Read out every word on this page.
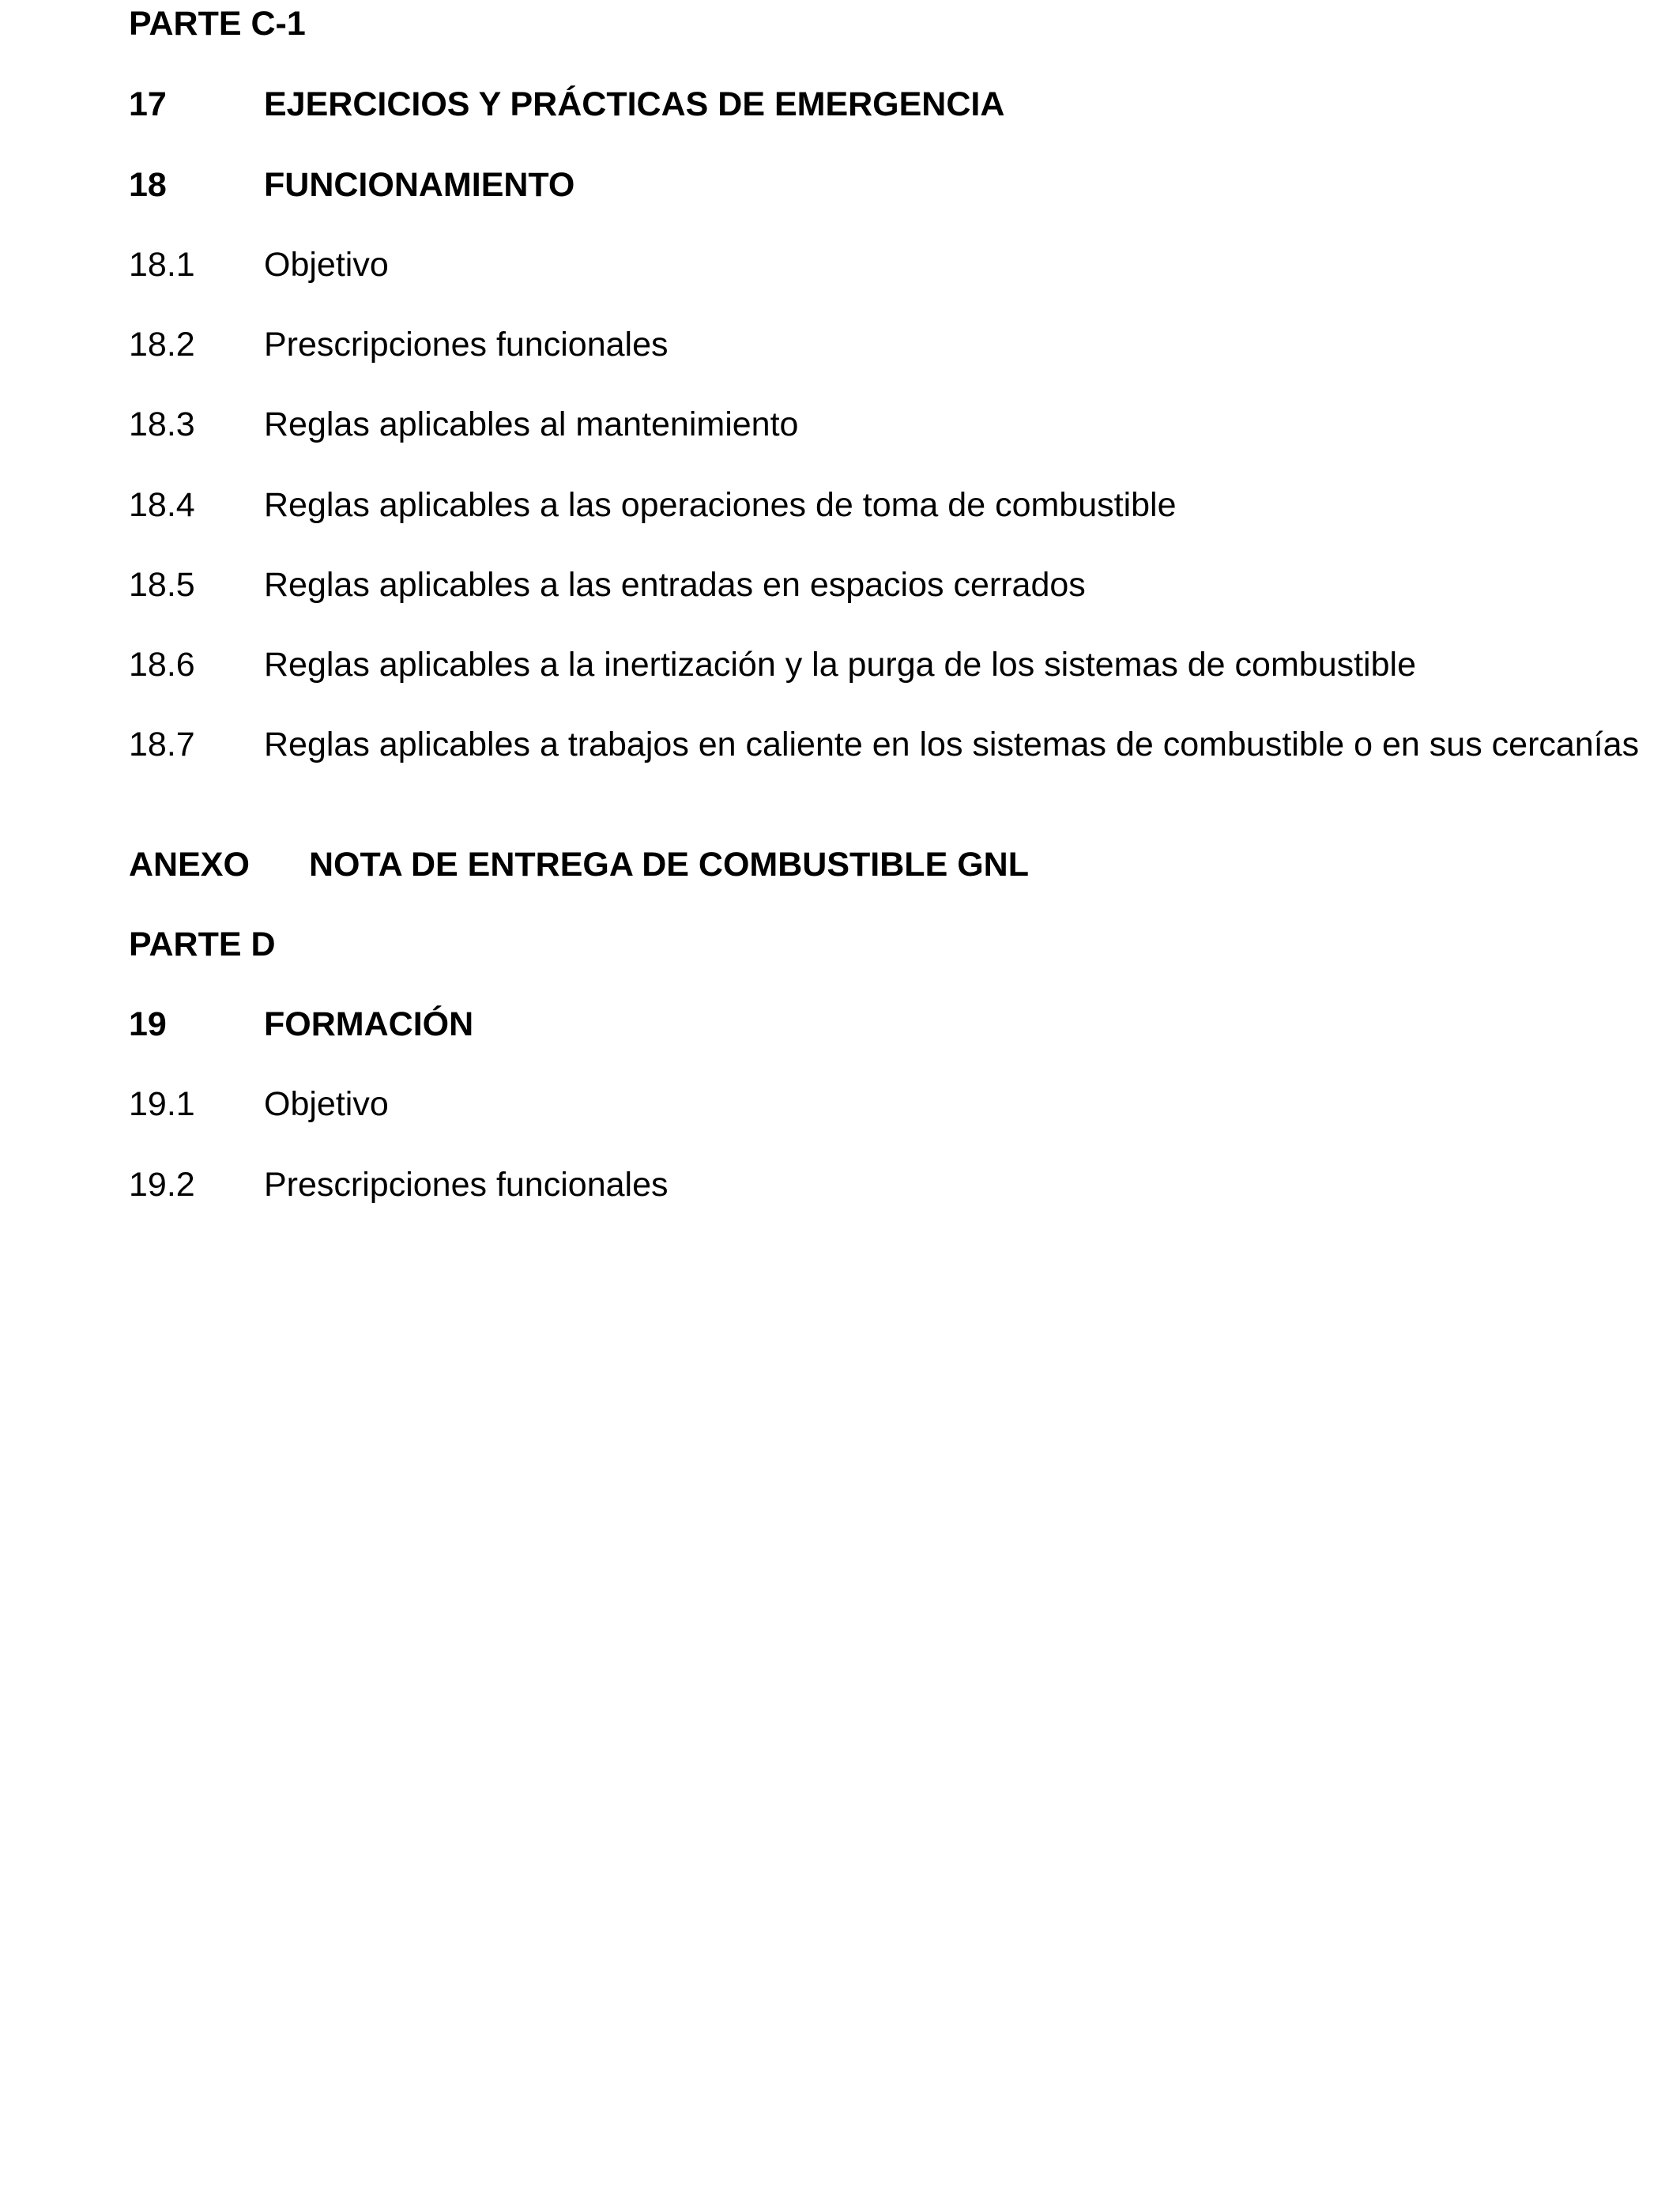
PARTE C-1
17	EJERCICIOS Y PRÁCTICAS DE EMERGENCIA
18	FUNCIONAMIENTO
18.1 Objetivo
18.2 Prescripciones funcionales
18.3 Reglas aplicables al mantenimiento
18.4 Reglas aplicables a las operaciones de toma de combustible
18.5 Reglas aplicables a las entradas en espacios cerrados
18.6 Reglas aplicables a la inertización y la purga de los sistemas de combustible
18.7 Reglas aplicables a trabajos en caliente en los sistemas de combustible o en sus cercanías
ANEXO NOTA DE ENTREGA DE COMBUSTIBLE GNL
PARTE D
19	FORMACIÓN
19.1 Objetivo
19.2 Prescripciones funcionales
